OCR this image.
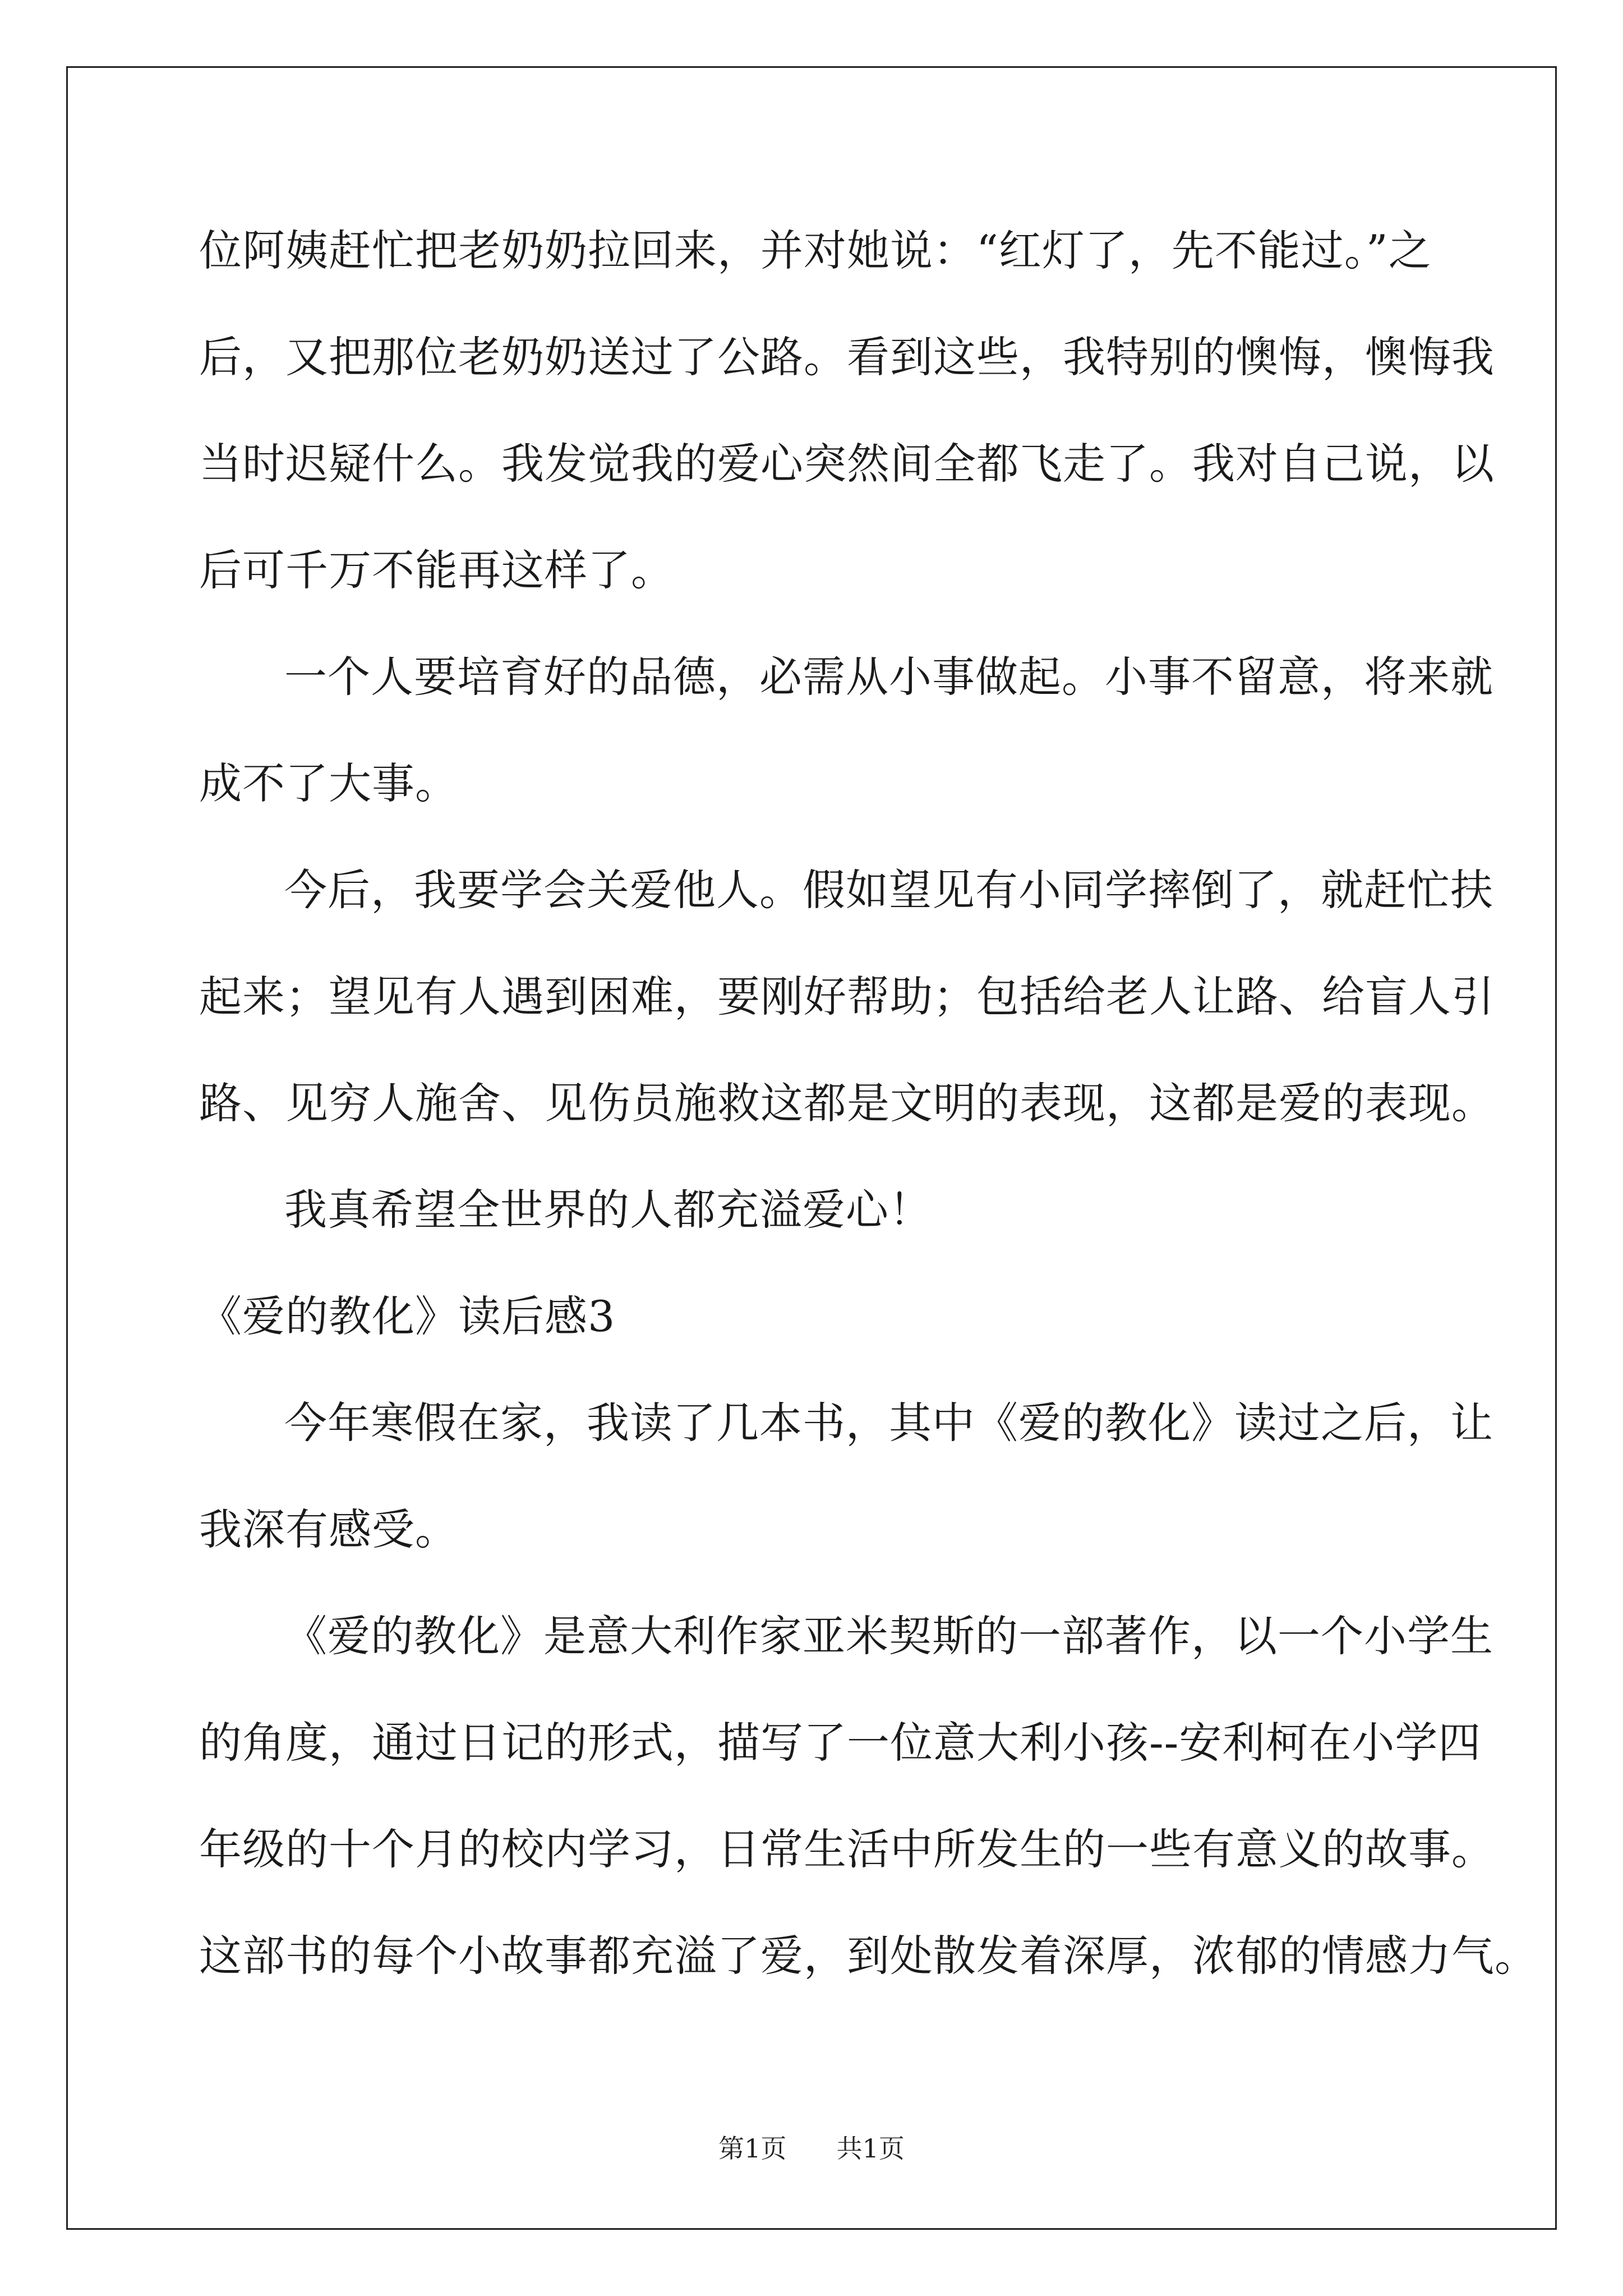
位阿姨赶忙把老奶奶拉回来，并对她说：“红灯了，先不能过。”之
后，又把那位老奶奶送过了公路。看到这些，我特别的懊悔，懊悔我
当时迟疑什么。我发觉我的爱心突然间全都飞走了。我对自己说，以
后可千万不能再这样了。
一个人要培育好的品德，必需从小事做起。小事不留意，将来就
成不了大事。
今后，我要学会关爱他人。假如望见有小同学摔倒了，就赶忙扶
起来；望见有人遇到困难，要刚好帮助；包括给老人让路、给盲人引
路、见穷人施舍、见伤员施救这都是文明的表现，这都是爱的表现。
我真希望全世界的人都充溢爱心！
《爱的教化》读后感3
今年寒假在家，我读了几本书，其中《爱的教化》读过之后，让
我深有感受。
《爱的教化》是意大利作家亚米契斯的一部著作，以一个小学生
的角度，通过日记的形式，描写了一位意大利小孩--安利柯在小学四
年级的十个月的校内学习，日常生活中所发生的一些有意义的故事。
这部书的每个小故事都充溢了爱，到处散发着深厚，浓郁的情感力气。
第1页 共1页
